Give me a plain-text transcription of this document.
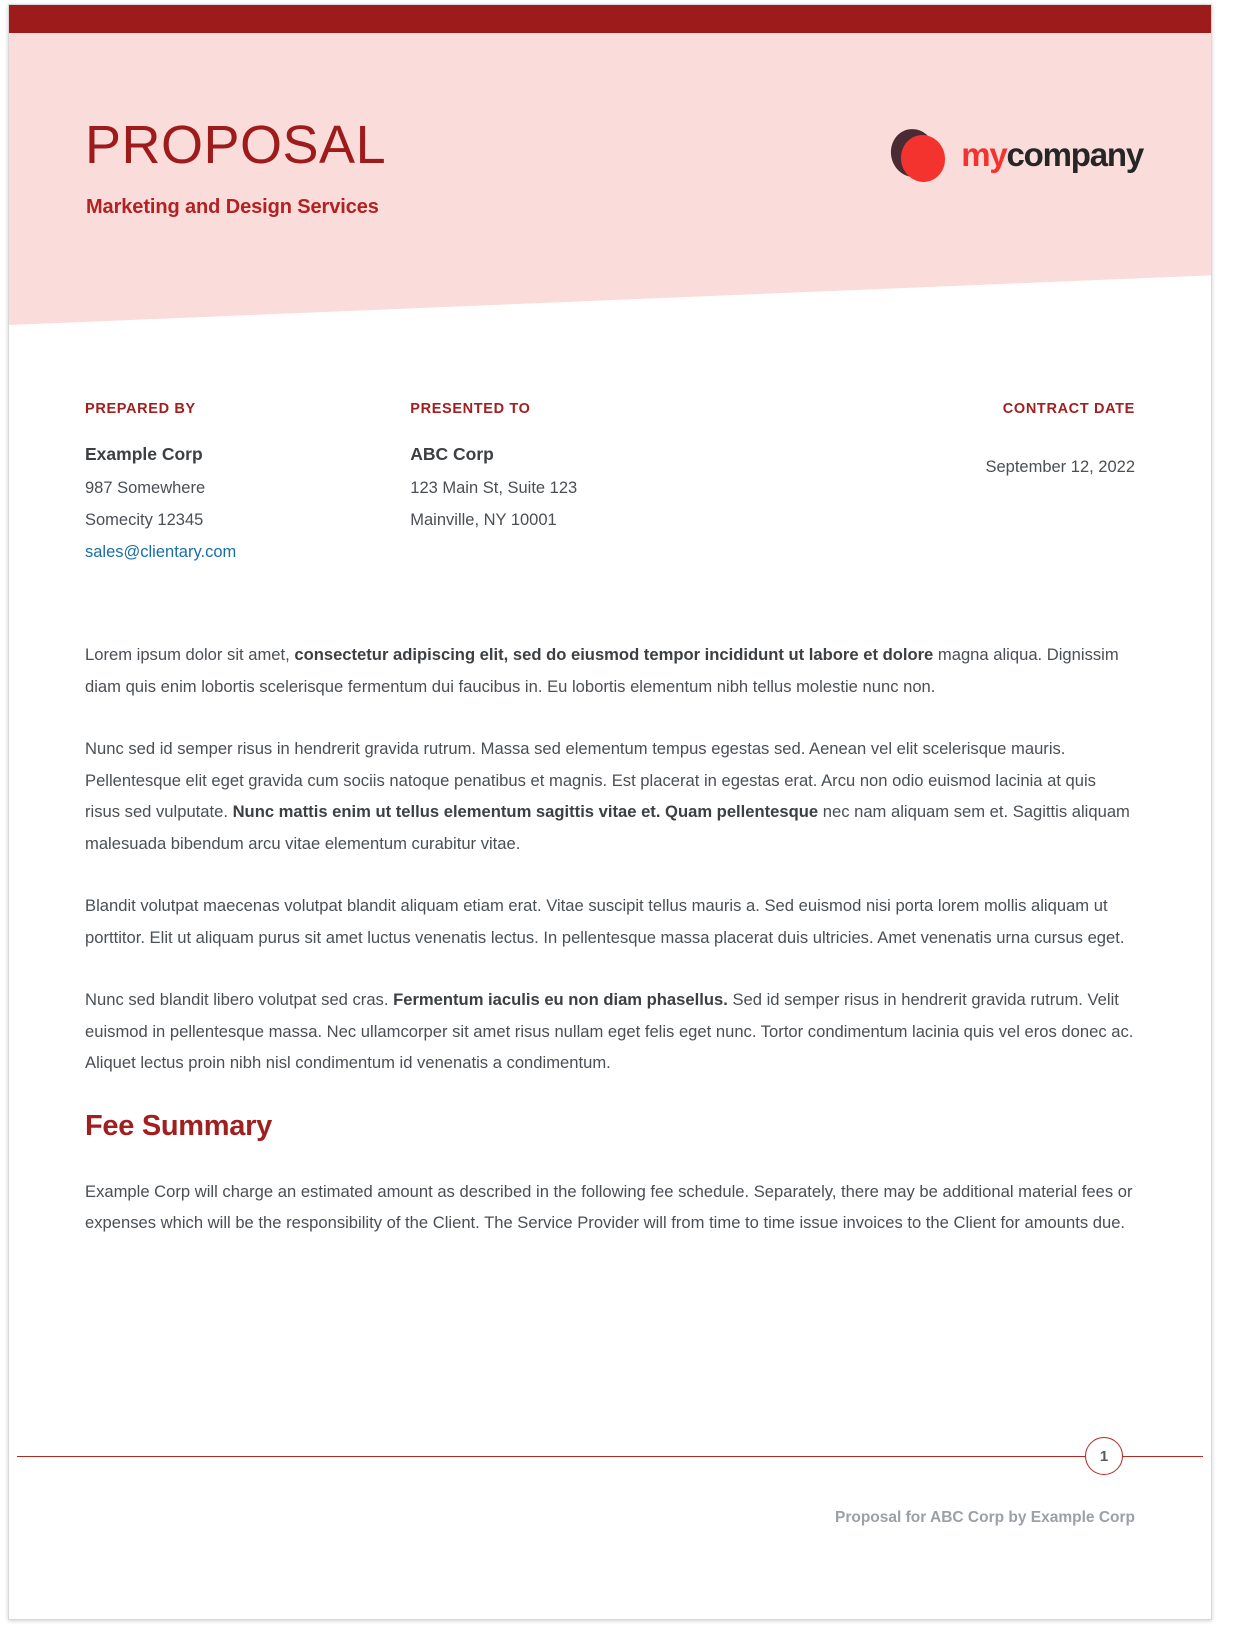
PROPOSAL
Marketing and Design Services
mycompany
PREPARED BY
Example Corp
987 Somewhere
Somecity 12345
sales@clientary.com
PRESENTED TO
ABC Corp
123 Main St, Suite 123
Mainville, NY 10001
CONTRACT DATE
September 12, 2022

Lorem ipsum dolor sit amet, consectetur adipiscing elit, sed do eiusmod tempor incididunt ut labore et dolore magna aliqua. Dignissim diam quis enim lobortis scelerisque fermentum dui faucibus in. Eu lobortis elementum nibh tellus molestie nunc non.

Nunc sed id semper risus in hendrerit gravida rutrum. Massa sed elementum tempus egestas sed. Aenean vel elit scelerisque mauris. Pellentesque elit eget gravida cum sociis natoque penatibus et magnis. Est placerat in egestas erat. Arcu non odio euismod lacinia at quis risus sed vulputate. Nunc mattis enim ut tellus elementum sagittis vitae et. Quam pellentesque nec nam aliquam sem et. Sagittis aliquam malesuada bibendum arcu vitae elementum curabitur vitae.

Blandit volutpat maecenas volutpat blandit aliquam etiam erat. Vitae suscipit tellus mauris a. Sed euismod nisi porta lorem mollis aliquam ut porttitor. Elit ut aliquam purus sit amet luctus venenatis lectus. In pellentesque massa placerat duis ultricies. Amet venenatis urna cursus eget.

Nunc sed blandit libero volutpat sed cras. Fermentum iaculis eu non diam phasellus. Sed id semper risus in hendrerit gravida rutrum. Velit euismod in pellentesque massa. Nec ullamcorper sit amet risus nullam eget felis eget nunc. Tortor condimentum lacinia quis vel eros donec ac. Aliquet lectus proin nibh nisl condimentum id venenatis a condimentum.

Fee Summary

Example Corp will charge an estimated amount as described in the following fee schedule. Separately, there may be additional material fees or expenses which will be the responsibility of the Client. The Service Provider will from time to time issue invoices to the Client for amounts due.

1
Proposal for ABC Corp by Example Corp
